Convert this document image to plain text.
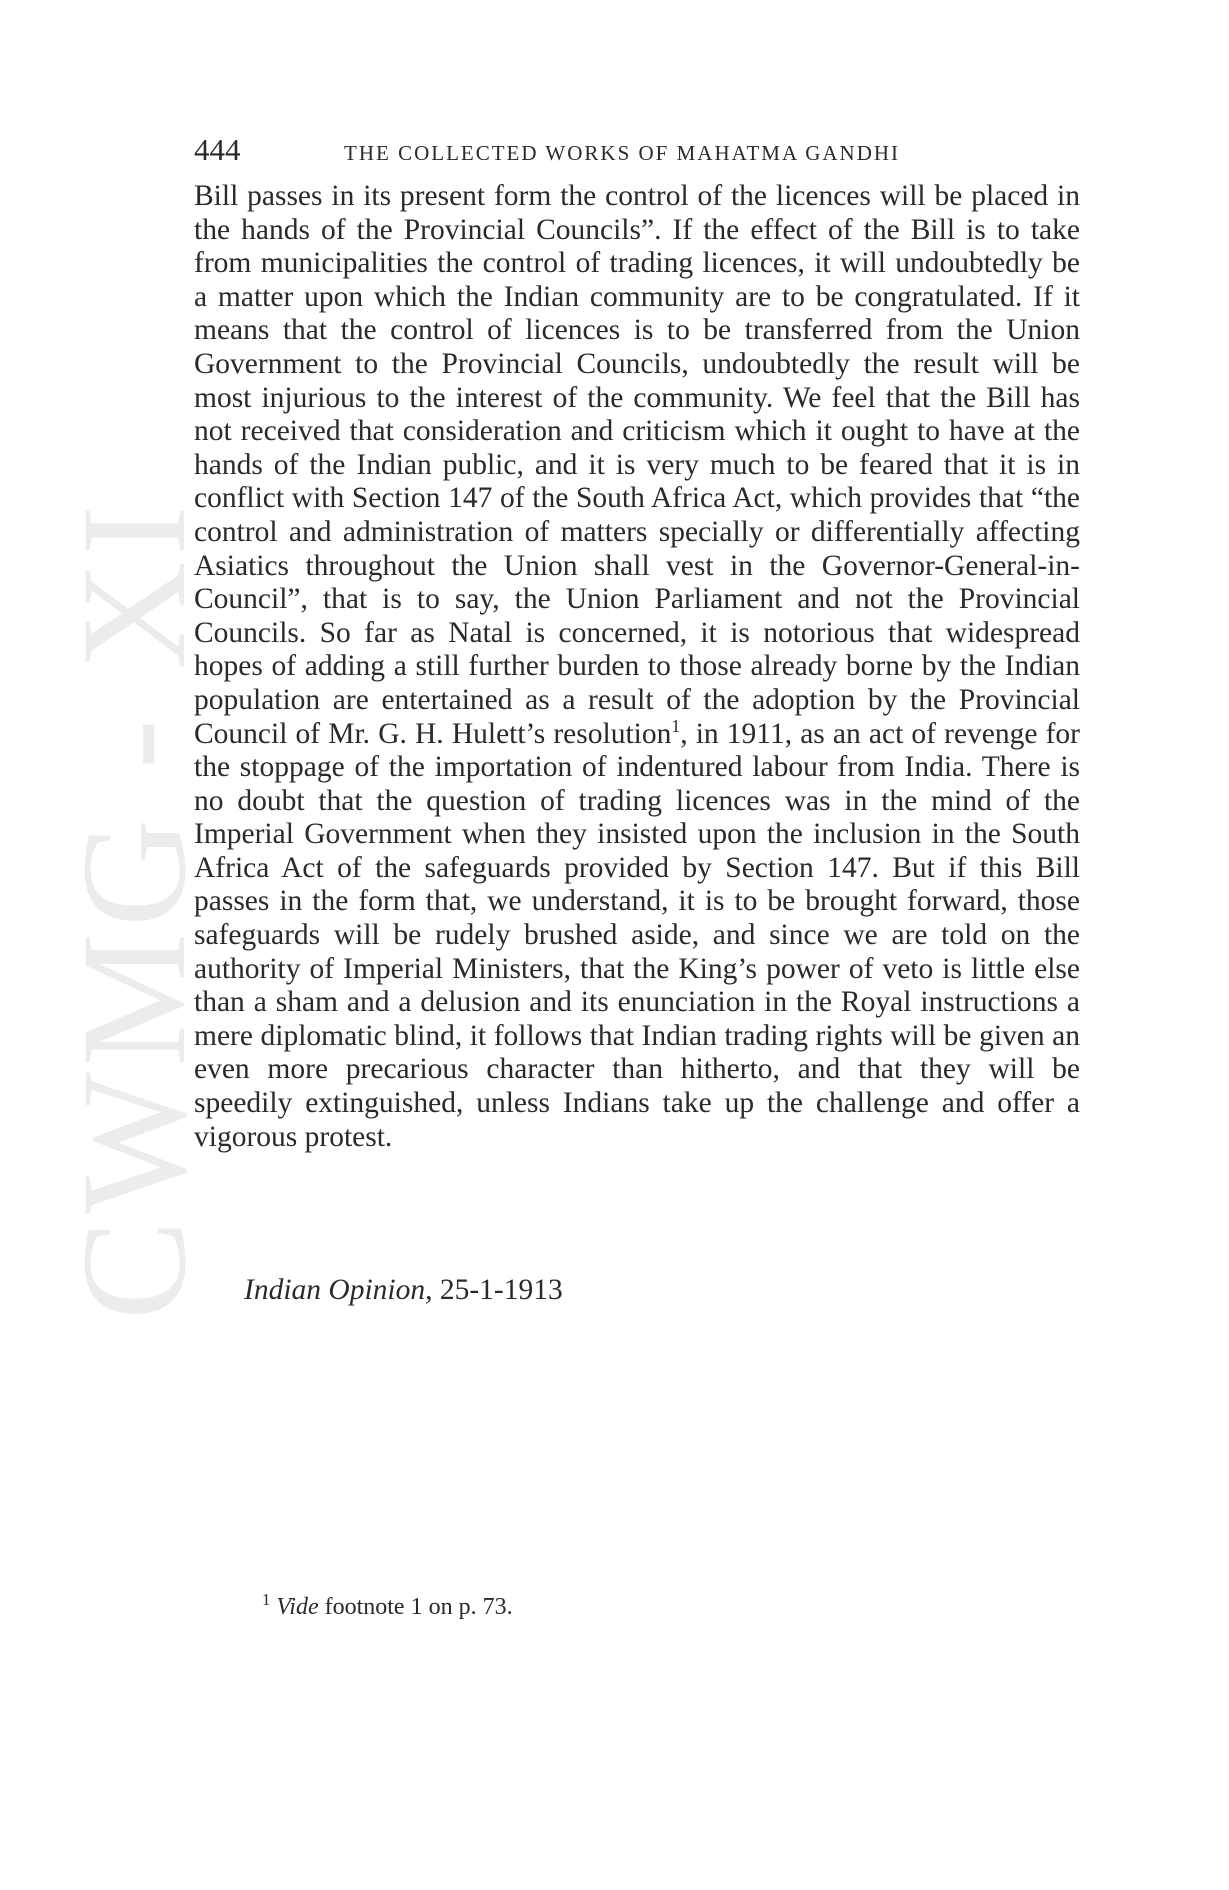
CWMG - XI
444	THE COLLECTED WORKS OF MAHATMA GANDHI

Bill passes in its present form the control of the licences will be placed in the hands of the Provincial Councils”. If the effect of the Bill is to take from municipalities the control of trading licences, it will undoubtedly be a matter upon which the Indian community are to be congratulated. If it means that the control of licences is to be transferred from the Union Government to the Provincial Councils, undoubtedly the result will be most injurious to the interest of the community. We feel that the Bill has not received that consideration and criticism which it ought to have at the hands of the Indian public, and it is very much to be feared that it is in conflict with Section 147 of the South Africa Act, which provides that “the control and administration of matters specially or differentially affecting Asiatics throughout the Union shall vest in the Governor-General-in-Council”, that is to say, the Union Parliament and not the Provincial Councils. So far as Natal is concerned, it is notorious that widespread hopes of adding a still further burden to those already borne by the Indian population are entertained as a result of the adoption by the Provincial Council of Mr. G. H. Hulett’s resolution$^1$, in 1911, as an act of revenge for the stoppage of the importation of indentured labour from India. There is no doubt that the question of trading licences was in the mind of the Imperial Government when they insisted upon the inclusion in the South Africa Act of the safeguards provided by Section 147. But if this Bill passes in the form that, we understand, it is to be brought forward, those safeguards will be rudely brushed aside, and since we are told on the authority of Imperial Ministers, that the King’s power of veto is little else than a sham and a delusion and its enunciation in the Royal instructions a mere diplomatic blind, it follows that Indian trading rights will be given an even more precarious character than hitherto, and that they will be speedily extinguished, unless Indians take up the challenge and offer a vigorous protest.

Indian Opinion, 25-1-1913

$^1$ Vide footnote 1 on p. 73.
